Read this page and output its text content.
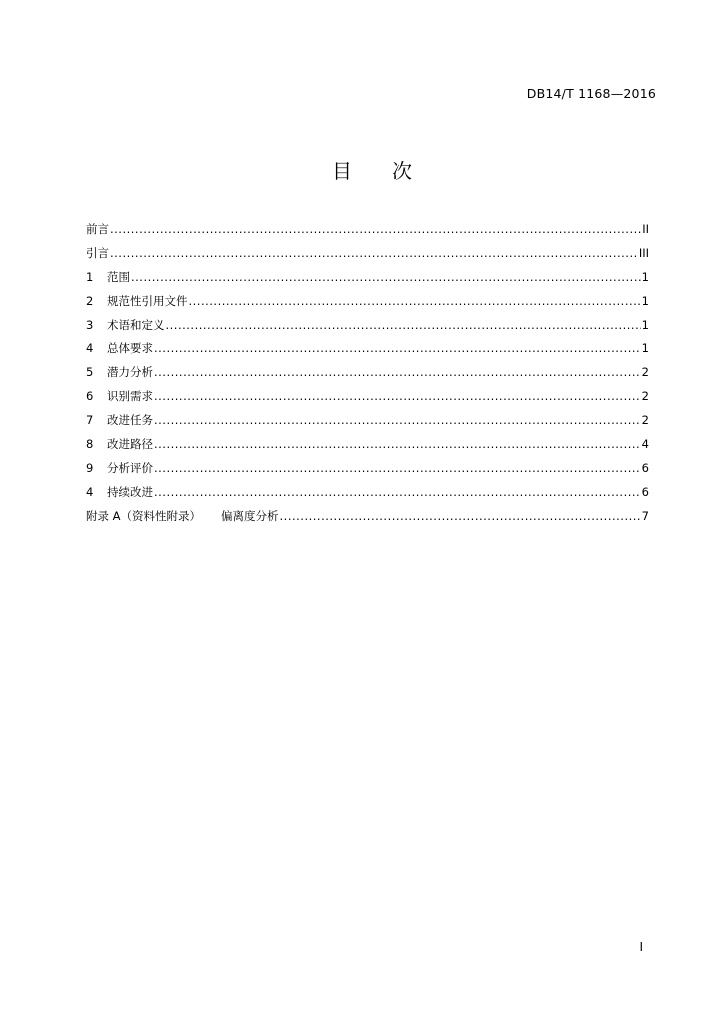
DB14/T 1168—2016
目 次
前言 .....	II
引言 .....	III
1	范围 .....	1
2	规范性引用文件 .....	1
3	术语和定义 .....	1
4	总体要求 .....	1
5	潜力分析 .....	2
6	识别需求 .....	2
7	改进任务 .....	2
8	改进路径 .....	4
9	分析评价 .....	6
4	持续改进 .....	6
附录 A（资料性附录） 偏离度分析 .....	7
I
